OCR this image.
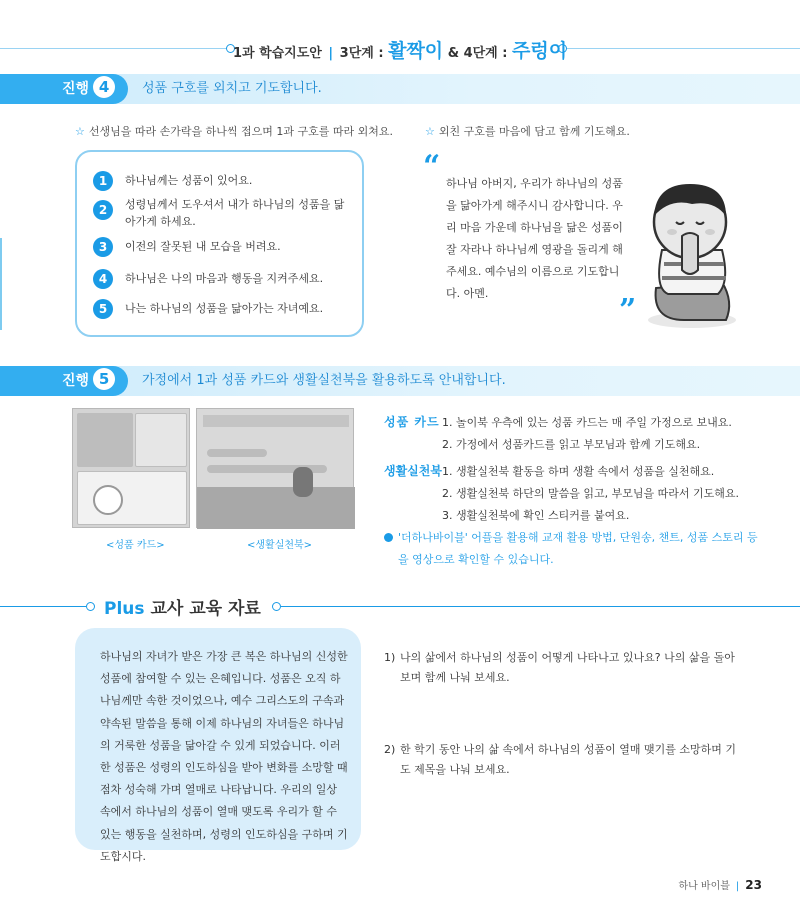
1과 학습지도안 | 3단계 : 활짝이 & 4단계 : 주렁이
진행 4	성품 구호를 외치고 기도합니다.
☆ 선생님을 따라 손가락을 하나씩 접으며 1과 구호를 따라 외쳐요.	☆ 외친 구호를 마음에 담고 함께 기도해요.
1	하나님께는 성품이 있어요.
2	성령님께서 도우셔서 내가 하나님의 성품을 닮아가게 하세요.
3	이전의 잘못된 내 모습을 버려요.
4	하나님은 나의 마음과 행동을 지켜주세요.
5	나는 하나님의 성품을 닮아가는 자녀예요.
“ 하나님 아버지, 우리가 하나님의 성품을 닮아가게 해주시니 감사합니다. 우리 마음 가운데 하나님을 닮은 성품이 잘 자라나 하나님께 영광을 돌리게 해주세요. 예수님의 이름으로 기도합니다. 아멘.	”
진행 5	가정에서 1과 성품 카드와 생활실천북을 활용하도록 안내합니다.
<성품 카드>	<생활실천북>
성품 카드 1. 놀이북 우측에 있는 성품 카드는 매 주일 가정으로 보내요.
2. 가정에서 성품카드를 읽고 부모님과 함께 기도해요.
생활실천북 1. 생활실천북 활동을 하며 생활 속에서 성품을 실천해요.
2. 생활실천북 하단의 말씀을 읽고, 부모님을 따라서 기도해요.
3. 생활실천북에 확인 스티커를 붙여요.
'더하나바이블' 어플을 활용해 교재 활용 방법, 단원송, 챈트, 성품 스토리 등
을 영상으로 확인할 수 있습니다.
Plus 교사 교육 자료
하나님의 자녀가 받은 가장 큰 복은 하나님의 신성한 성품에 참여할 수 있는 은혜입니다. 성품은 오직 하나님께만 속한 것이었으나, 예수 그리스도의 구속과 약속된 말씀을 통해 이제 하나님의 자녀들은 하나님의 거룩한 성품을 닮아갈 수 있게 되었습니다. 이러한 성품은 성령의 인도하심을 받아 변화를 소망할 때 점차 성숙해 가며 열매로 나타납니다. 우리의 일상 속에서 하나님의 성품이 열매 맺도록 우리가 할 수 있는 행동을 실천하며, 성령의 인도하심을 구하며 기도합시다.
1) 나의 삶에서 하나님의 성품이 어떻게 나타나고 있나요? 나의 삶을 돌아보며 함께 나눠 보세요.
2) 한 학기 동안 나의 삶 속에서 하나님의 성품이 열매 맺기를 소망하며 기도 제목을 나눠 보세요.
하나 바이블 | 23
